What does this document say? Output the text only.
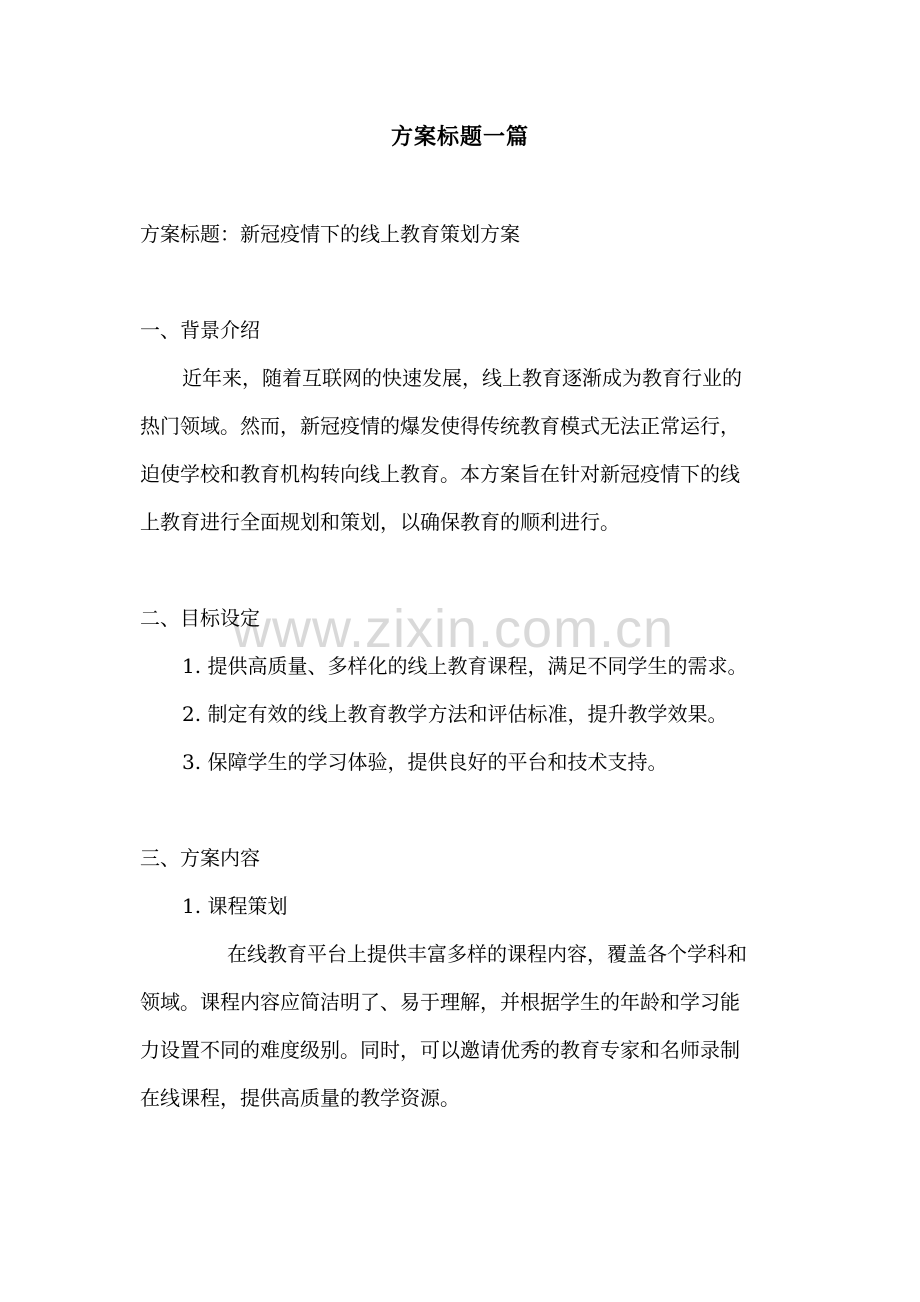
方案标题一篇
方案标题：新冠疫情下的线上教育策划方案
一、背景介绍
近年来，随着互联网的快速发展，线上教育逐渐成为教育行业的
热门领域。然而，新冠疫情的爆发使得传统教育模式无法正常运行，
迫使学校和教育机构转向线上教育。本方案旨在针对新冠疫情下的线
上教育进行全面规划和策划，以确保教育的顺利进行。
www.zixin.com.cn
二、目标设定
1. 提供高质量、多样化的线上教育课程，满足不同学生的需求。
2. 制定有效的线上教育教学方法和评估标准，提升教学效果。
3. 保障学生的学习体验，提供良好的平台和技术支持。
三、方案内容
1. 课程策划
在线教育平台上提供丰富多样的课程内容，覆盖各个学科和
领域。课程内容应简洁明了、易于理解，并根据学生的年龄和学习能
力设置不同的难度级别。同时，可以邀请优秀的教育专家和名师录制
在线课程，提供高质量的教学资源。
